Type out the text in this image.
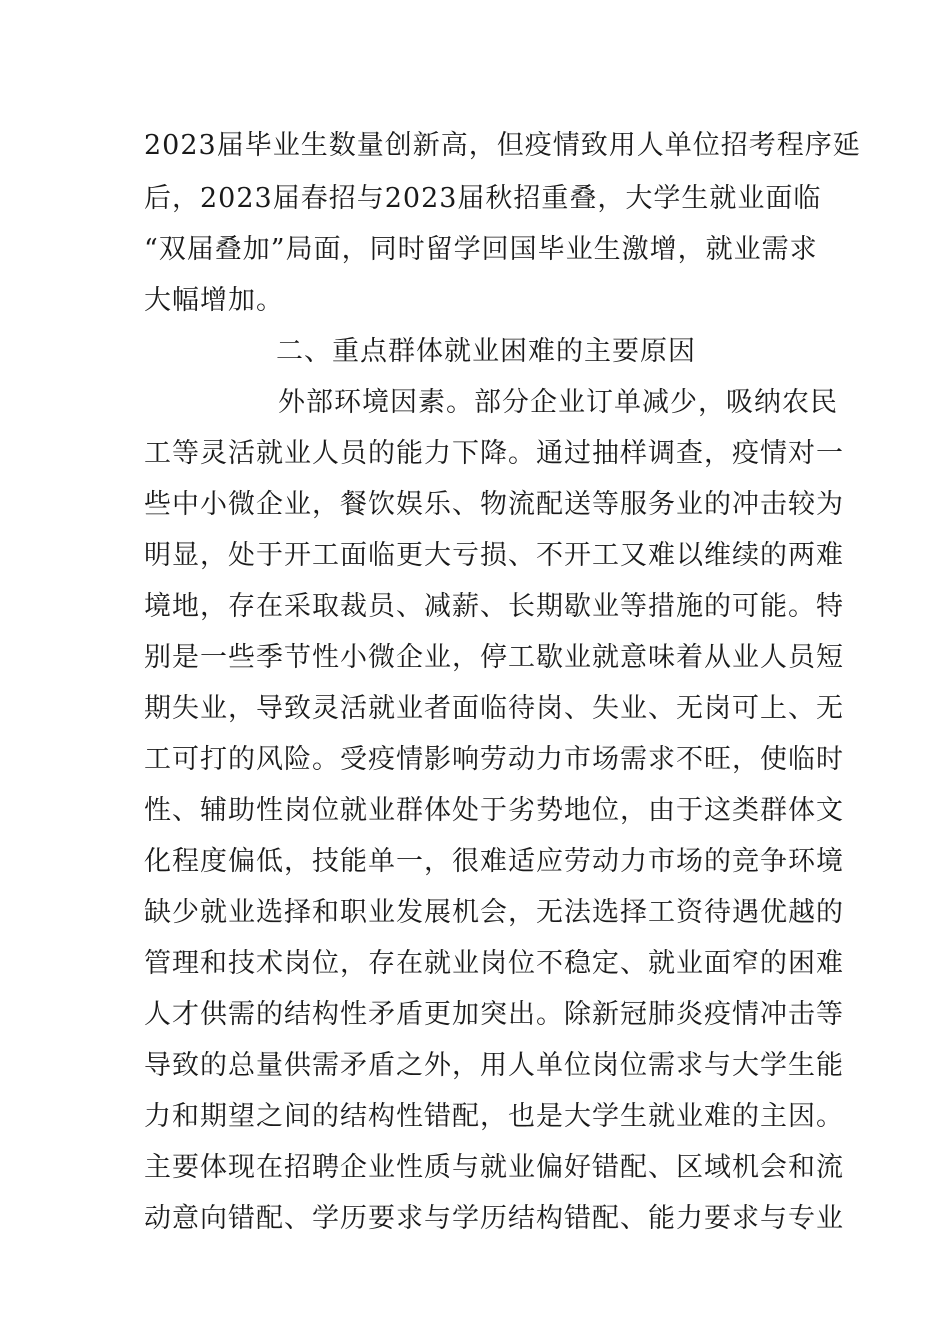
2023届毕业生数量创新高，但疫情致用人单位招考程序延
后，2023届春招与2023届秋招重叠，大学生就业面临
“双届叠加”局面，同时留学回国毕业生激增，就业需求
大幅增加。
二、重点群体就业困难的主要原因
外部环境因素。部分企业订单减少，吸纳农民
工等灵活就业人员的能力下降。通过抽样调查，疫情对一
些中小微企业，餐饮娱乐、物流配送等服务业的冲击较为
明显，处于开工面临更大亏损、不开工又难以维续的两难
境地，存在采取裁员、减薪、长期歇业等措施的可能。特
别是一些季节性小微企业，停工歇业就意味着从业人员短
期失业，导致灵活就业者面临待岗、失业、无岗可上、无
工可打的风险。受疫情影响劳动力市场需求不旺，使临时
性、辅助性岗位就业群体处于劣势地位，由于这类群体文
化程度偏低，技能单一，很难适应劳动力市场的竞争环境
缺少就业选择和职业发展机会，无法选择工资待遇优越的
管理和技术岗位，存在就业岗位不稳定、就业面窄的困难
人才供需的结构性矛盾更加突出。除新冠肺炎疫情冲击等
导致的总量供需矛盾之外，用人单位岗位需求与大学生能
力和期望之间的结构性错配，也是大学生就业难的主因。
主要体现在招聘企业性质与就业偏好错配、区域机会和流
动意向错配、学历要求与学历结构错配、能力要求与专业
